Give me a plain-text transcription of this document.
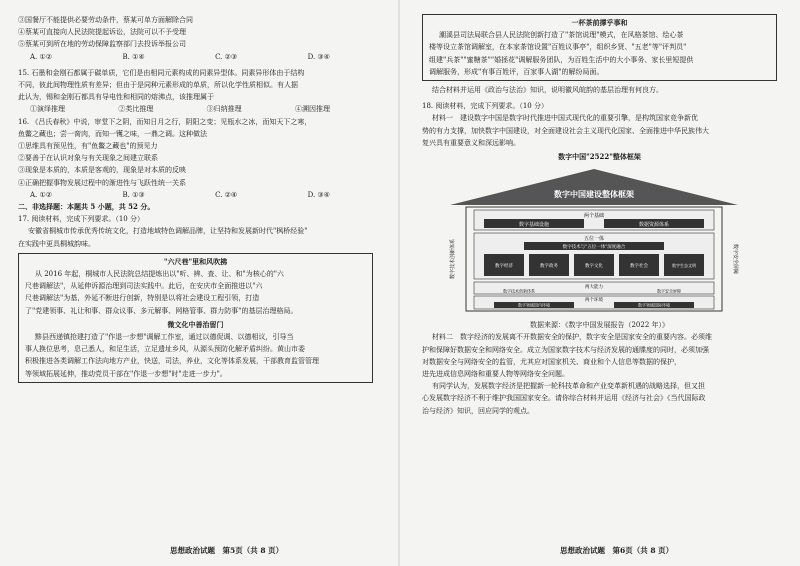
③国餐厅不能提供必要劳动条件，蔡某可单方面解除合同
④蔡某可直接向人民法院提起诉讼，法院可以不予受理
⑤蔡某可到所在地的劳动保障监察部门去投诉举报公司
A. ①②	B. ①④	C. ②③	D. ③④
15. 石墨和金刚石都属于碳单质，它们是由相同元素构成的同素异型体。同素异形体由于结构
不同，彼此间物理性质有差异；但由于是同种元素形成的单质，所以化学性质相似。有人据
此认为，锡和金刚石都具有导电性和相同的熔沸点，该推理属于
①演绎推理	②类比推理	③归纳推理	④溯因推理
16. 《吕氏春秋》中说，审堂下之阴，而知日月之行，阴阳之变；见瓶水之冰，而知天下之寒，
鱼鳖之藏也；尝一脔肉，而知一镬之味，一鼎之调。这种做法
①思维具有预见性，有"鱼鳖之藏也"的预见力
②要善于在认识对象与有关现象之间建立联系
③现象是本质的，本质是客观的，现象是对本质的反映
④正确把握事物发展过程中的渐进性与飞跃性统一关系
A. ①②	B. ①③	C. ②④	D. ③④
二、非选择题：本题共 5 小题，共 52 分。
17. 阅读材料，完成下列要求。（10 分）
安徽省桐城市传承优秀传统文化，打造地域特色调解品牌，让坚持和发展新时代"枫桥经验"
在实践中更具桐城韵味。
"六尺巷"里和风吹拂
从 2016 年起，桐城市人民法院总结提炼出以"听、辨、查、让、和"为核心的"六
尺巷调解法"，从延伸诉源治理到司法实践中。此后，在安庆市全面推进以"六
尺巷调解法"为基，外延不断进行创新，特别是以将社会建设工程引领，打造
了"党建领事、礼让和事、群众议事、多元解事、网格管事、群力防事"的基层治理格局。
微文化中善治留门
黟县西递镇抢建打造了"作退一步想"调解工作室，通过以德促调、以德相议，引导当
事人换位思考，息己悉人，和足生活，立足遗址乡风，从源头预防化解矛盾纠纷。黄山市委
积极推进各类调解工作法向地方产业，快送，司法，养业，文化等体系发展，干部教育监管管理
等领域拓展延伸，推动党员干部在"作退一步想"时"走进一步力"。
思想政治试题　第5页（共 8 页）
一杯茶前撑乎事和
潮溪县司法局联合县人民法院创新打造了"茶馆说理"模式，在风格茶馆、绘心茶
楼等设立茶馆调解室，在本家茶馆设置"百姓议事亭"，组织乡贤、"五老"等"评判员"
组建"兵茶""蜜糖茶""婚拯花"调解服务团队，为百姓生活中的大小事务、家长里短提供
调解服务，形成"有事百姓评，百家事人湖"的解纷局面。
结合材料并运用《政治与法治》知识，说明徽风皖韵的基层治理有何良方。
18. 阅读材料，完成下列要求。（10 分）
材料一　建设数字中国是数字时代推进中国式现代化的重要引擎，是构筑国家竞争新优
势的有力支撑，加快数字中国建设，对全面建设社会主义现代化国家、全面推进中华民族伟大
复兴具有重要意义和深远影响。
数字中国"2522"整体框架
数字中国建设整体框架
数字技术创新体系	数字安全屏障
两个基础
数字基础设施	数据资源体系
五位一体
数字技术与"五位一体"深度融合
数字经济	数字政务	数字文化	数字社会	数字生态文明
两大能力
数字技术创新体系	数字安全屏障
两个环境
数字领域国内环境	数字领域国际环境
数据来源：《数字中国发展报告（2022 年）》
材料二　数字经济的发展离不开数据安全的保护，数字安全是国家安全的重要内容。必须维
护和保障好数据安全和网络安全。成立为国家数字技术与经济发展的通牒度的同时，必须加强
对数据安全与网络安全的监管，尤其应对国家机关、商业和个人信息等数据的保护，
进先进成信息网络和重要人物等网络安全问题。
有同学认为，发展数字经济是把握新一轮科技革命和产业变革新机遇的战略选择，但又担
心发展数字经济不利于维护我国国家安全。请你综合材料并运用《经济与社会》《当代国际政
治与经济》知识，回应同学的观点。
思想政治试题　第6页（共 8 页）
